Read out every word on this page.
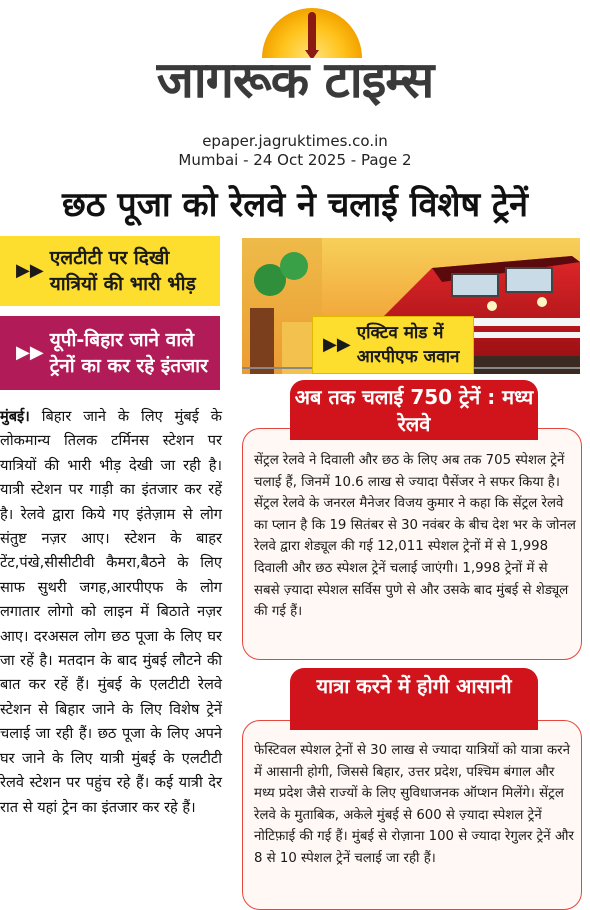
जागरूक टाइम्स
epaper.jagruktimes.co.in
Mumbai - 24 Oct 2025 - Page 2
छठ पूजा को रेलवे ने चलाई विशेष ट्रेनें
▶▶
एलटीटी पर दिखी यात्रियों की भारी भीड़
▶▶
यूपी-बिहार जाने वाले ट्रेनों का कर रहे इंतजार
▶▶
एक्टिव मोड में आरपीएफ जवान
मुंबई। बिहार जाने के लिए मुंबई के लोकमान्य तिलक टर्मिनस स्टेशन पर यात्रियों की भारी भीड़ देखी जा रही है। यात्री स्टेशन पर गाड़ी का इंतजार कर रहें है। रेलवे द्वारा किये गए इंतेज़ाम से लोग संतुष्ट नज़र आए। स्टेशन के बाहर टेंट,पंखे,सीसीटीवी कैमरा,बैठने के लिए साफ सुथरी जगह,आरपीएफ के लोग लगातार लोगो को लाइन में बिठाते नज़र आए। दरअसल लोग छठ पूजा के लिए घर जा रहें है। मतदान के बाद मुंबई लौटने की बात कर रहें हैं। मुंबई के एलटीटी रेलवे स्टेशन से बिहार जाने के लिए विशेष ट्रेनें चलाई जा रही हैं। छठ पूजा के लिए अपने घर जाने के लिए यात्री मुंबई के एलटीटी रेलवे स्टेशन पर पहुंच रहे हैं। कई यात्री देर रात से यहां ट्रेन का इंतजार कर रहे हैं।
अब तक चलाई 750 ट्रेनें : मध्य रेलवे
सेंट्रल रेलवे ने दिवाली और छठ के लिए अब तक 705 स्पेशल ट्रेनें चलाई हैं, जिनमें 10.6 लाख से ज्यादा पैसेंजर ने सफर किया है। सेंट्रल रेलवे के जनरल मैनेजर विजय कुमार ने कहा कि सेंट्रल रेलवे का प्लान है कि 19 सितंबर से 30 नवंबर के बीच देश भर के जोनल रेलवे द्वारा शेड्यूल की गई 12,011 स्पेशल ट्रेनों में से 1,998 दिवाली और छठ स्पेशल ट्रेनें चलाई जाएंगी। 1,998 ट्रेनों में से सबसे ज़्यादा स्पेशल सर्विस पुणे से और उसके बाद मुंबई से शेड्यूल की गई हैं।
यात्रा करने में होगी आसानी
फेस्टिवल स्पेशल ट्रेनों से 30 लाख से ज्यादा यात्रियों को यात्रा करने में आसानी होगी, जिससे बिहार, उत्तर प्रदेश, पश्चिम बंगाल और मध्य प्रदेश जैसे राज्यों के लिए सुविधाजनक ऑप्शन मिलेंगे। सेंट्रल रेलवे के मुताबिक, अकेले मुंबई से 600 से ज़्यादा स्पेशल ट्रेनें नोटिफ़ाई की गई हैं। मुंबई से रोज़ाना 100 से ज्यादा रेगुलर ट्रेनें और 8 से 10 स्पेशल ट्रेनें चलाई जा रही हैं।
